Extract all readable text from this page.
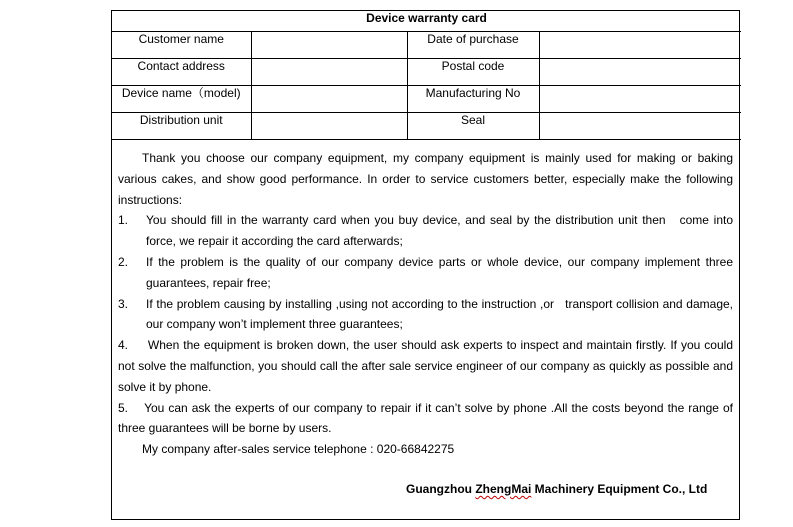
Device warranty card			
Customer name		Date of purchase	
Contact address		Postal code	
Device name（model)		Manufacturing No	
Distribution unit		Seal	

Thank you choose our company equipment, my company equipment is mainly used for making or baking various cakes, and show good performance. In order to service customers better, especially make the following instructions:

1.	You should fill in the warranty card when you buy device, and seal by the distribution unit then   come into force, we repair it according the card afterwards;
2.	If the problem is the quality of our company device parts or whole device, our company implement three guarantees, repair free;
3.	If the problem causing by installing ,using not according to the instruction ,or   transport collision and damage, our company won’t implement three guarantees;

4.     When the equipment is broken down, the user should ask experts to inspect and maintain firstly. If you could not solve the malfunction, you should call the after sale service engineer of our company as quickly as possible and solve it by phone.

5.    You can ask the experts of our company to repair if it can’t solve by phone .All the costs beyond the range of three guarantees will be borne by users.

My company after-sales service telephone : 020-66842275

Guangzhou ZhengMai Machinery Equipment Co., Ltd
